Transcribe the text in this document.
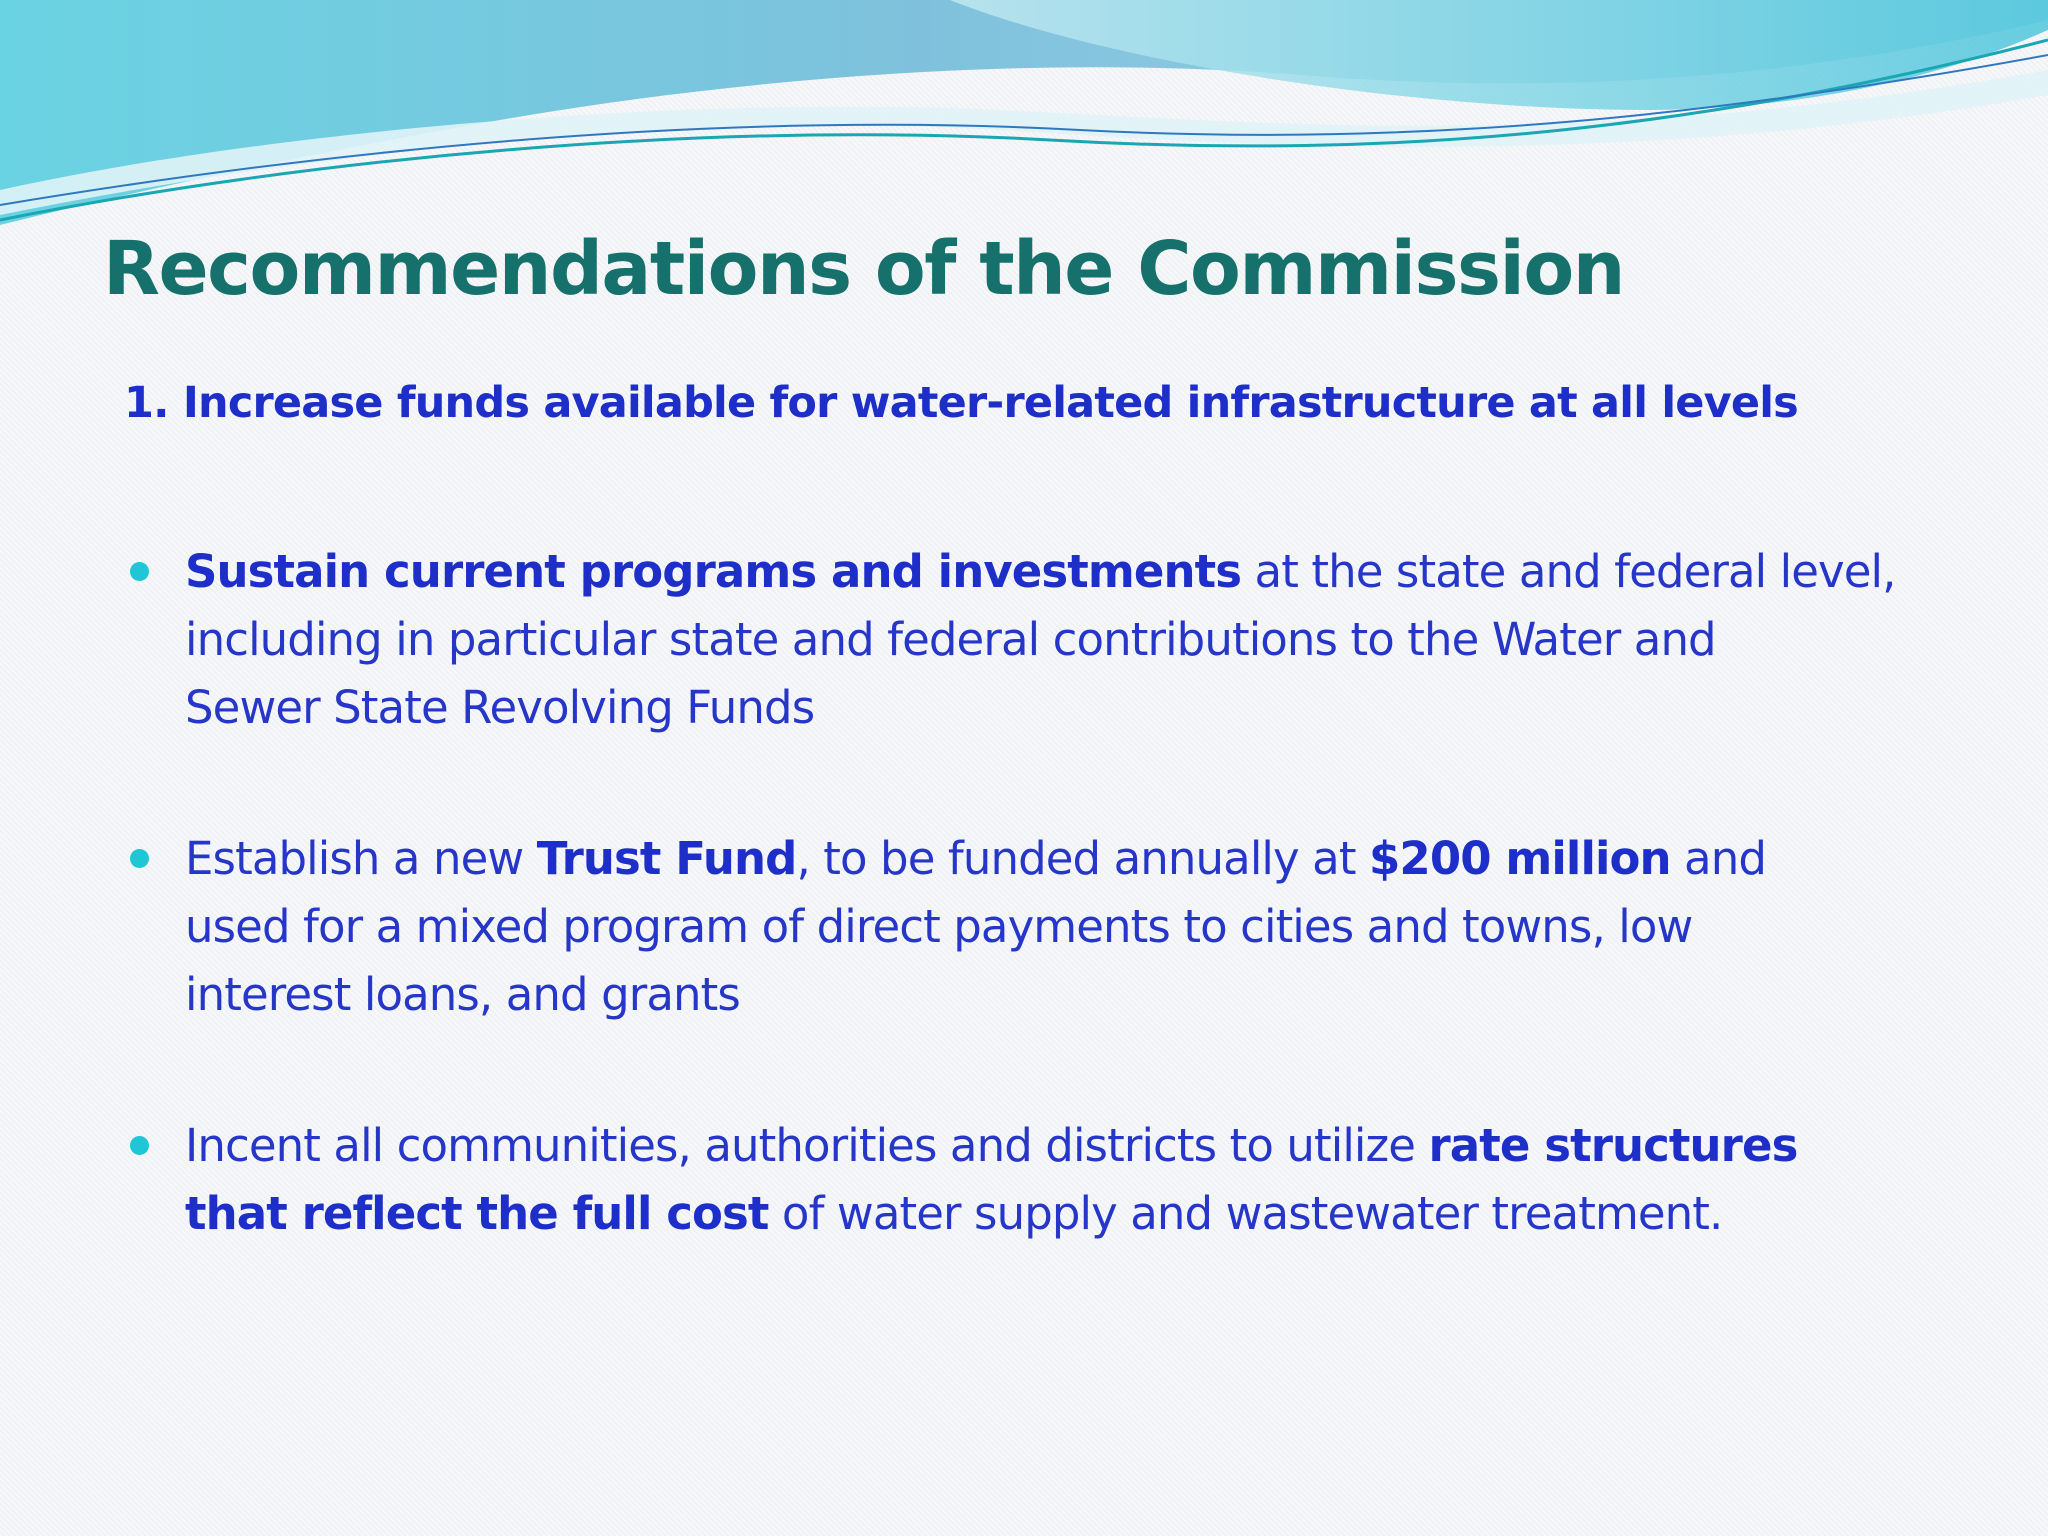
Recommendations of the Commission
1. Increase funds available for water-related infrastructure at all levels
Sustain current programs and investments at the state and federal level,
including in particular state and federal contributions to the Water and
Sewer State Revolving Funds
Establish a new Trust Fund, to be funded annually at $200 million and
used for a mixed program of direct payments to cities and towns, low
interest loans, and grants
Incent all communities, authorities and districts to utilize rate structures
that reflect the full cost of water supply and wastewater treatment.
